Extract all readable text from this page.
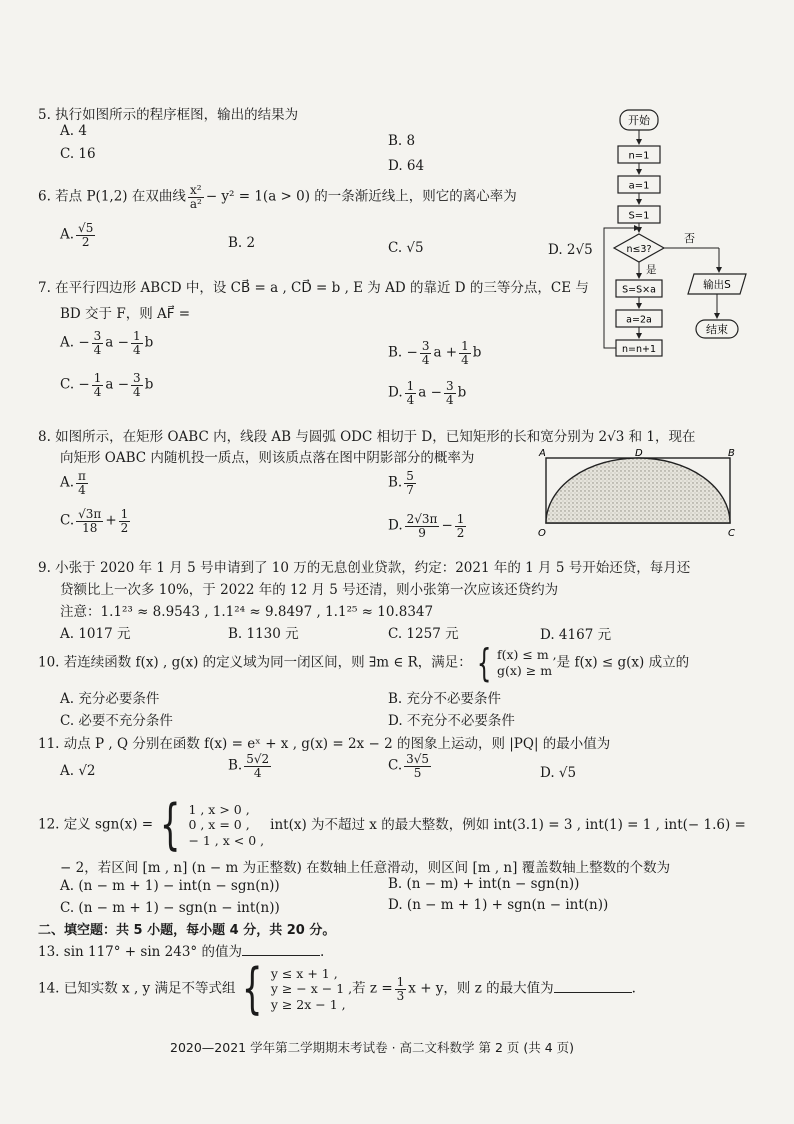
5. 执行如图所示的程序框图，输出的结果为
A. 4
B. 8
C. 16
D. 64
开始
n=1
a=1
S=1
n≤3?
否
输出S
结束
是
S=S×a
a=2a
n=n+1
6. 若点 P(1,2) 在双曲线 $\frac{\text{x²}}{\text{a²}} - y^2 = 1(a > 0)$ 的一条渐近线上，则它的离心率为
A. $\frac{√5}{2}$	B. 2	C. √5	D. 2√5
7. 在平行四边形 ABCD 中，设 CB⃗ = a , CD⃗ = b , E 为 AD 的靠近 D 的三等分点，CE 与
BD 交于 F，则 AF⃗ =
A. − $\frac{3}{4}$ $a - \frac{1}{4}$ b
B. − $\frac{3}{4}$ $a + \frac{1}{4}$ b
C. − $\frac{1}{4}$ $a - \frac{3}{4}$ b	D. $\frac{1}{4}$ $a - \frac{3}{4}$ b
8. 如图所示，在矩形 OABC 内，线段 AB 与圆弧 ODC 相切于 D，已知矩形的长和宽分别为 2√3 和 1，现在
向矩形 OABC 内随机投一质点，则该质点落在图中阴影部分的概率为
A. $\frac{\pi}{4}$	B. $\frac{5}{7}$
C. $\frac{√3\pi}{18} + \frac{1}{2}$	D. $\frac{2√3\pi}{9} - \frac{1}{2}$
A	D	B
O	C
9. 小张于 2020 年 1 月 5 号申请到了 10 万的无息创业贷款，约定：2021 年的 1 月 5 号开始还贷，每月还
贷额比上一次多 10%，于 2022 年的 12 月 5 号还清，则小张第一次应该还贷约为
注意：1.1²³ ≈ 8.9543 , 1.1²⁴ ≈ 9.8497 , 1.1²⁵ ≈ 10.8347
A. 1017 元	B. 1130 元	C. 1257 元	D. 4167 元
10. 若连续函数 f(x) , g(x) 的定义域为同一闭区间，则 ∃m ∈ R，满足： { f(x) ≤ m ,
g(x) ≥ m 是 f(x) ≤ g(x) 成立的
A. 充分必要条件	B. 充分不必要条件
C. 必要不充分条件	D. 不充分不必要条件
11. 动点 P , Q 分别在函数 f(x) = eˣ + x , g(x) = 2x − 2 的图象上运动，则 |PQ| 的最小值为
A. √2	B. $\frac{5√2}{4}$	C. $\frac{3√5}{5}$	D. √5
12. 定义 sgn(x) = { 1 , x > 0 ,
0 , x = 0 ,
− 1 , x < 0 ,
int(x) 为不超过 x 的最大整数，例如 int(3.1) = 3 , int(1) = 1 , int(− 1.6) =
− 2，若区间 [m , n] (n − m 为正整数) 在数轴上任意滑动，则区间 [m , n] 覆盖数轴上整数的个数为
A. (n − m + 1) − int(n − sgn(n))	B. (n − m) + int(n − sgn(n))
C. (n − m + 1) − sgn(n − int(n))	D. (n − m + 1) + sgn(n − int(n))
二、填空题：共 5 小题，每小题 4 分，共 20 分。
13. sin 117° + sin 243° 的值为	.
14. 已知实数 x , y 满足不等式组 { y ≤ x + 1 ,
y ≥ − x − 1 ,
y ≥ 2x − 1 ,
若 $z = \frac{1}{3}$ x + y，则 z 的最大值为	.
2020—2021 学年第二学期期末考试卷 · 高二文科数学 第 2 页 (共 4 页)
